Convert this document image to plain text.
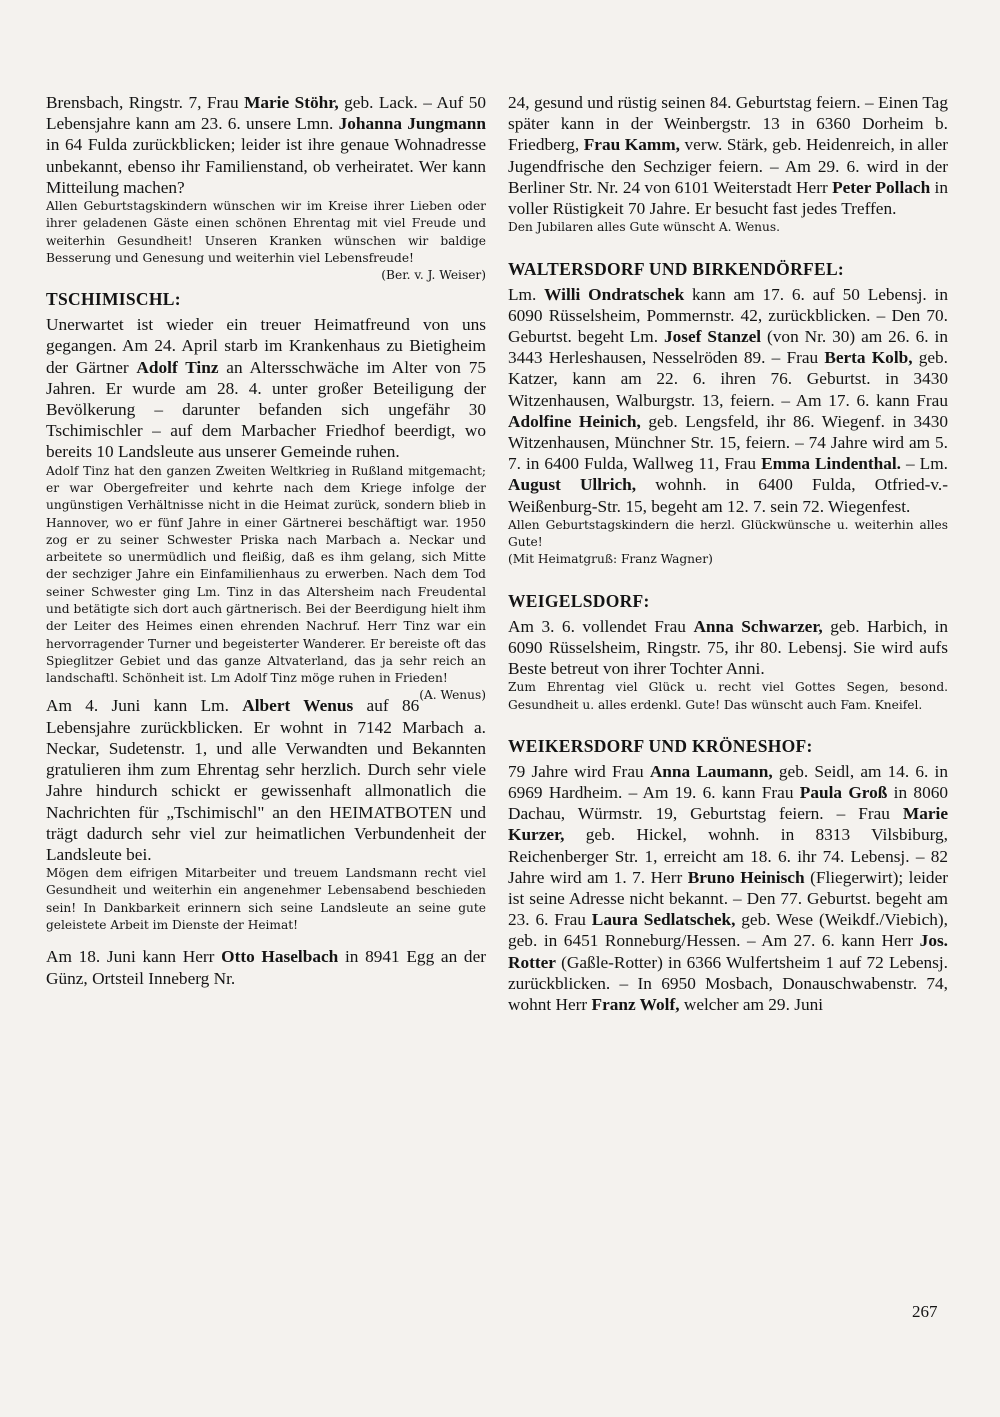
Brensbach, Ringstr. 7, Frau Marie Stöhr, geb. Lack. – Auf 50 Lebensjahre kann am 23. 6. unsere Lmn. Johanna Jungmann in 64 Fulda zurückblicken; leider ist ihre genaue Wohnadresse unbekannt, ebenso ihr Familienstand, ob verheiratet. Wer kann Mitteilung machen?

Allen Geburtstagskindern wünschen wir im Kreise ihrer Lieben oder ihrer geladenen Gäste einen schönen Ehrentag mit viel Freude und weiterhin Gesundheit! Unseren Kranken wünschen wir baldige Besserung und Genesung und weiterhin viel Lebensfreude!
(Ber. v. J. Weiser)

TSCHIMISCHL:

Unerwartet ist wieder ein treuer Heimatfreund von uns gegangen. Am 24. April starb im Krankenhaus zu Bietigheim der Gärtner Adolf Tinz an Altersschwäche im Alter von 75 Jahren. Er wurde am 28. 4. unter großer Beteiligung der Bevölkerung – darunter befanden sich ungefähr 30 Tschimischler – auf dem Marbacher Friedhof beerdigt, wo bereits 10 Landsleute aus unserer Gemeinde ruhen.

Adolf Tinz hat den ganzen Zweiten Weltkrieg in Rußland mitgemacht; er war Obergefreiter und kehrte nach dem Kriege infolge der ungünstigen Verhältnisse nicht in die Heimat zurück, sondern blieb in Hannover, wo er fünf Jahre in einer Gärtnerei beschäftigt war. 1950 zog er zu seiner Schwester Priska nach Marbach a. Neckar und arbeitete so unermüdlich und fleißig, daß es ihm gelang, sich Mitte der sechziger Jahre ein Einfamilienhaus zu erwerben. Nach dem Tod seiner Schwester ging Lm. Tinz in das Altersheim nach Freudental und betätigte sich dort auch gärtnerisch. Bei der Beerdigung hielt ihm der Leiter des Heimes einen ehrenden Nachruf. Herr Tinz war ein hervorragender Turner und begeisterter Wanderer. Er bereiste oft das Spieglitzer Gebiet und das ganze Altvaterland, das ja sehr reich an landschaftl. Schönheit ist. Lm Adolf Tinz möge ruhen in Frieden!
(A. Wenus)

Am 4. Juni kann Lm. Albert Wenus auf 86 Lebensjahre zurückblicken. Er wohnt in 7142 Marbach a. Neckar, Sudetenstr. 1, und alle Verwandten und Bekannten gratulieren ihm zum Ehrentag sehr herzlich. Durch sehr viele Jahre hindurch schickt er gewissenhaft allmonatlich die Nachrichten für „Tschimischl" an den HEIMATBOTEN und trägt dadurch sehr viel zur heimatlichen Verbundenheit der Landsleute bei.

Mögen dem eifrigen Mitarbeiter und treuem Landsmann recht viel Gesundheit und weiterhin ein angenehmer Lebensabend beschieden sein! In Dankbarkeit erinnern sich seine Landsleute an seine gute geleistete Arbeit im Dienste der Heimat!

Am 18. Juni kann Herr Otto Haselbach in 8941 Egg an der Günz, Ortsteil Inneberg Nr.

24, gesund und rüstig seinen 84. Geburtstag feiern. – Einen Tag später kann in der Weinbergstr. 13 in 6360 Dorheim b. Friedberg, Frau Kamm, verw. Stärk, geb. Heidenreich, in aller Jugendfrische den Sechziger feiern. – Am 29. 6. wird in der Berliner Str. Nr. 24 von 6101 Weiterstadt Herr Peter Pollach in voller Rüstigkeit 70 Jahre. Er besucht fast jedes Treffen.

Den Jubilaren alles Gute wünscht A. Wenus.

WALTERSDORF UND BIRKENDÖRFEL:

Lm. Willi Ondratschek kann am 17. 6. auf 50 Lebensj. in 6090 Rüsselsheim, Pommernstr. 42, zurückblicken. – Den 70. Geburtst. begeht Lm. Josef Stanzel (von Nr. 30) am 26. 6. in 3443 Herleshausen, Nesselröden 89. – Frau Berta Kolb, geb. Katzer, kann am 22. 6. ihren 76. Geburtst. in 3430 Witzenhausen, Walburgstr. 13, feiern. – Am 17. 6. kann Frau Adolfine Heinich, geb. Lengsfeld, ihr 86. Wiegenf. in 3430 Witzenhausen, Münchner Str. 15, feiern. – 74 Jahre wird am 5. 7. in 6400 Fulda, Wallweg 11, Frau Emma Lindenthal. – Lm. August Ullrich, wohnh. in 6400 Fulda, Otfried-v.-Weißenburg-Str. 15, begeht am 12. 7. sein 72. Wiegenfest.

Allen Geburtstagskindern die herzl. Glückwünsche u. weiterhin alles Gute!

(Mit Heimatgruß: Franz Wagner)

WEIGELSDORF:

Am 3. 6. vollendet Frau Anna Schwarzer, geb. Harbich, in 6090 Rüsselsheim, Ringstr. 75, ihr 80. Lebensj. Sie wird aufs Beste betreut von ihrer Tochter Anni.

Zum Ehrentag viel Glück u. recht viel Gottes Segen, besond. Gesundheit u. alles erdenkl. Gute! Das wünscht auch Fam. Kneifel.

WEIKERSDORF UND KRÖNESHOF:

79 Jahre wird Frau Anna Laumann, geb. Seidl, am 14. 6. in 6969 Hardheim. – Am 19. 6. kann Frau Paula Groß in 8060 Dachau, Würmstr. 19, Geburtstag feiern. – Frau Marie Kurzer, geb. Hickel, wohnh. in 8313 Vilsbiburg, Reichenberger Str. 1, erreicht am 18. 6. ihr 74. Lebensj. – 82 Jahre wird am 1. 7. Herr Bruno Heinisch (Fliegerwirt); leider ist seine Adresse nicht bekannt. – Den 77. Geburtst. begeht am 23. 6. Frau Laura Sedlatschek, geb. Wese (Weikdf./Viebich), geb. in 6451 Ronneburg/Hessen. – Am 27. 6. kann Herr Jos. Rotter (Gaßle-Rotter) in 6366 Wulfertsheim 1 auf 72 Lebensj. zurückblicken. – In 6950 Mosbach, Donauschwabenstr. 74, wohnt Herr Franz Wolf, welcher am 29. Juni

267
